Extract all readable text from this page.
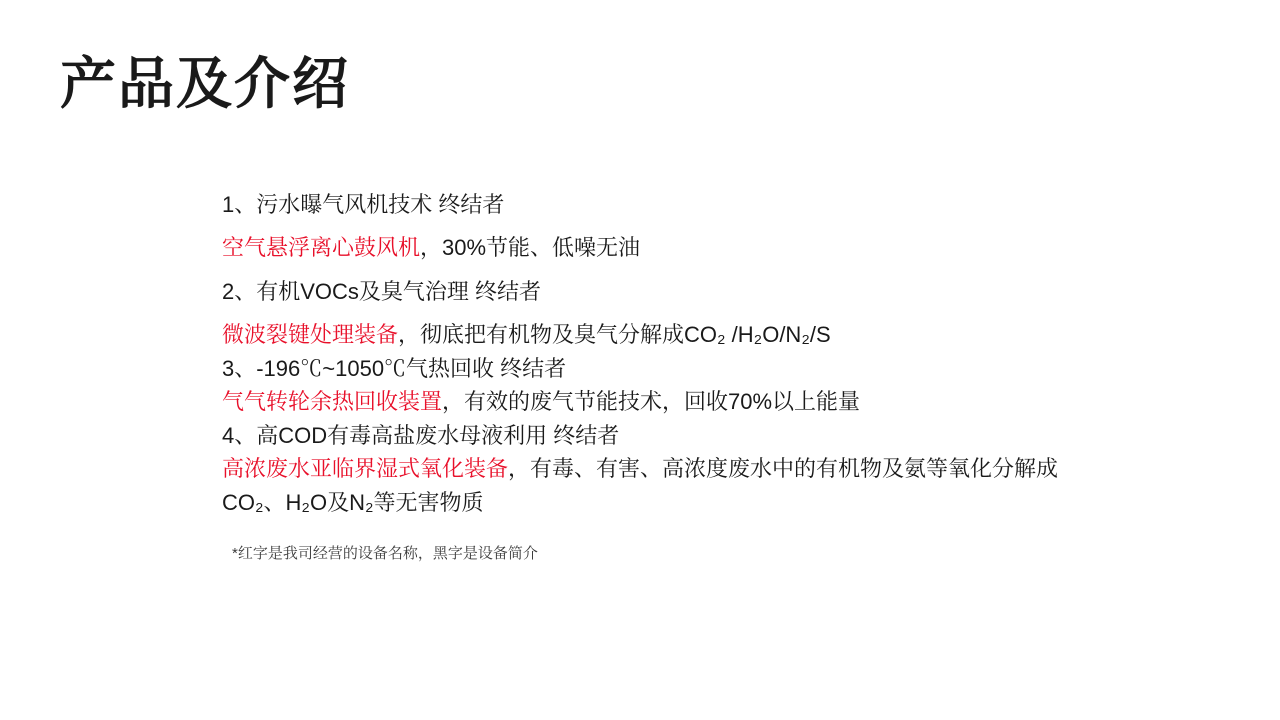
产品及介绍
1、污水曝气风机技术 终结者
空气悬浮离心鼓风机，30%节能、低噪无油
2、有机VOCs及臭气治理 终结者
微波裂键处理装备，彻底把有机物及臭气分解成CO₂ /H₂O/N₂/S
3、-196℃~1050℃气热回收 终结者
气气转轮余热回收装置，有效的废气节能技术，回收70%以上能量
4、高COD有毒高盐废水母液利用 终结者
高浓废水亚临界湿式氧化装备，有毒、有害、高浓度废水中的有机物及氨等氧化分解成CO₂、H₂O及N₂等无害物质
*红字是我司经营的设备名称，黑字是设备简介
